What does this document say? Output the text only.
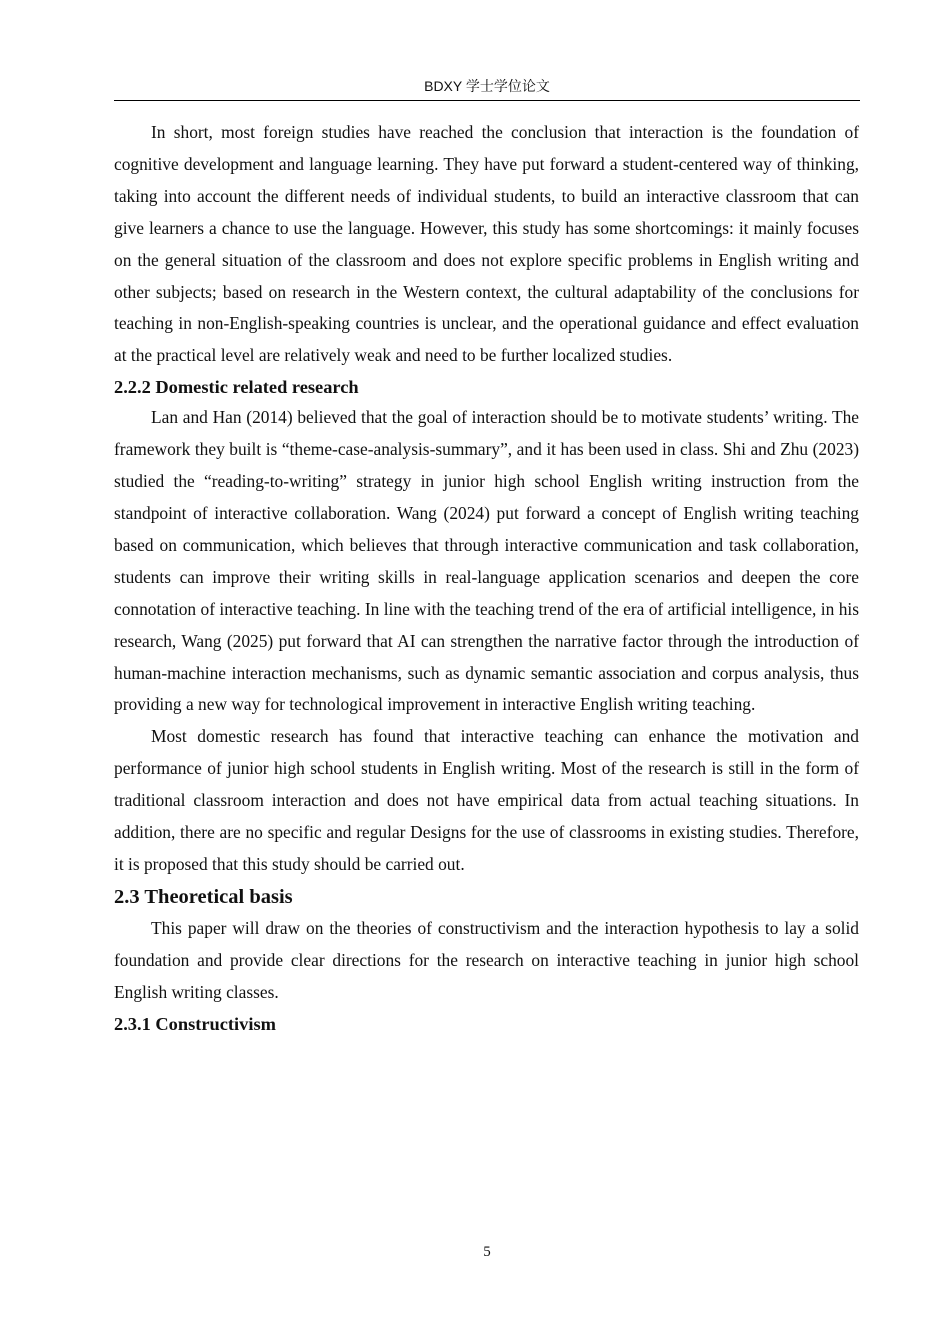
BDXY 学士学位论文

In short, most foreign studies have reached the conclusion that interaction is the foundation of cognitive development and language learning. They have put forward a student-centered way of thinking, taking into account the different needs of individual students, to build an interactive classroom that can give learners a chance to use the language. However, this study has some shortcomings: it mainly focuses on the general situation of the classroom and does not explore specific problems in English writing and other subjects; based on research in the Western context, the cultural adaptability of the conclusions for teaching in non-English-speaking countries is unclear, and the operational guidance and effect evaluation at the practical level are relatively weak and need to be further localized studies.

2.2.2 Domestic related research

Lan and Han (2014) believed that the goal of interaction should be to motivate students’ writing. The framework they built is “theme-case-analysis-summary”, and it has been used in class. Shi and Zhu (2023) studied the “reading-to-writing” strategy in junior high school English writing instruction from the standpoint of interactive collaboration. Wang (2024) put forward a concept of English writing teaching based on communication, which believes that through interactive communication and task collaboration, students can improve their writing skills in real-language application scenarios and deepen the core connotation of interactive teaching. In line with the teaching trend of the era of artificial intelligence, in his research, Wang (2025) put forward that AI can strengthen the narrative factor through the introduction of human-machine interaction mechanisms, such as dynamic semantic association and corpus analysis, thus providing a new way for technological improvement in interactive English writing teaching.

Most domestic research has found that interactive teaching can enhance the motivation and performance of junior high school students in English writing. Most of the research is still in the form of traditional classroom interaction and does not have empirical data from actual teaching situations. In addition, there are no specific and regular Designs for the use of classrooms in existing studies. Therefore, it is proposed that this study should be carried out.

2.3 Theoretical basis

This paper will draw on the theories of constructivism and the interaction hypothesis to lay a solid foundation and provide clear directions for the research on interactive teaching in junior high school English writing classes.

2.3.1 Constructivism
5
